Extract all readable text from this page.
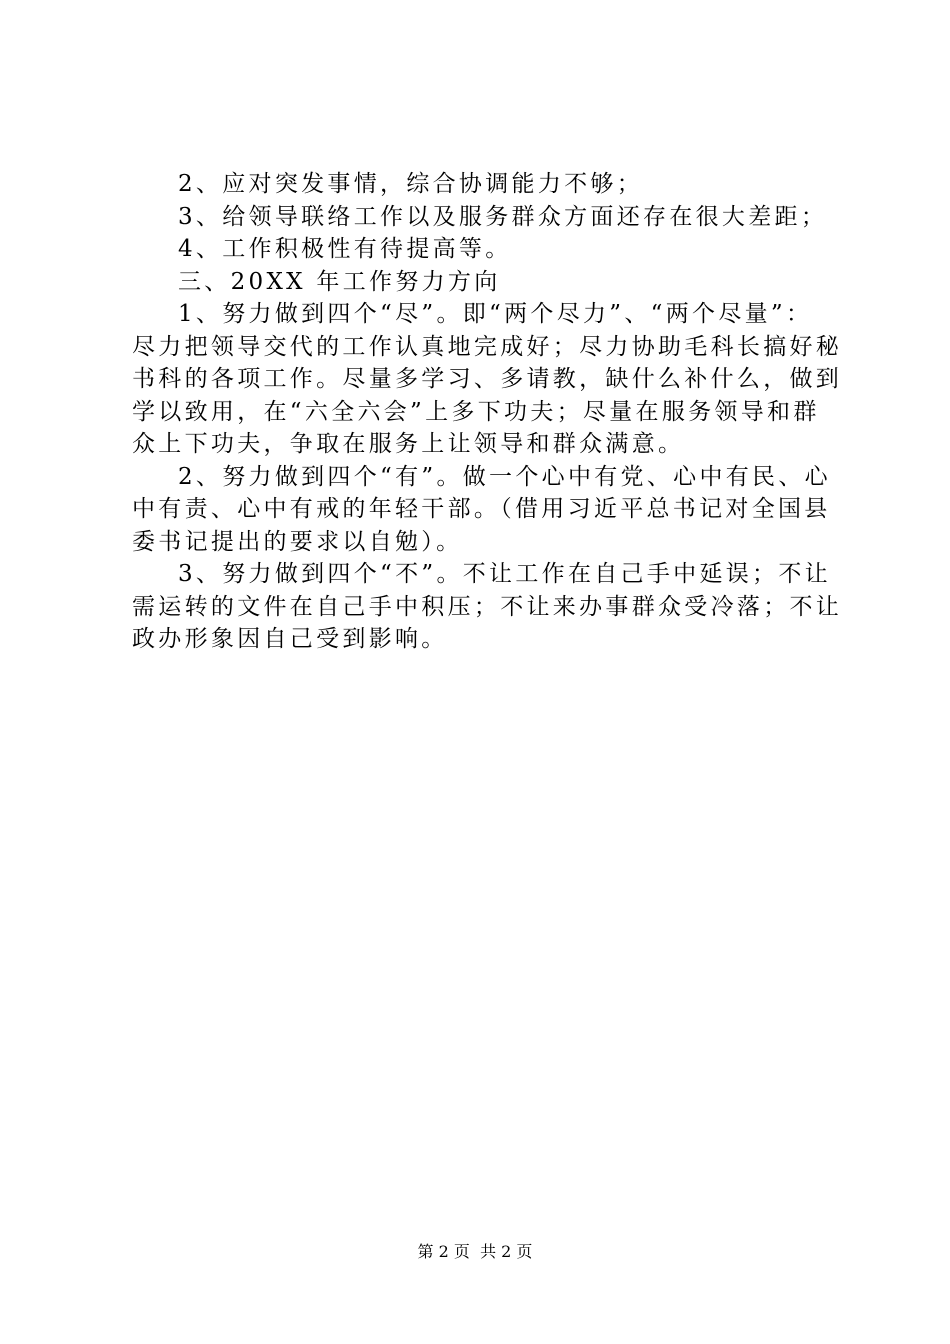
2、应对突发事情，综合协调能力不够；
3、给领导联络工作以及服务群众方面还存在很大差距；
4、工作积极性有待提高等。
三、20XX 年工作努力方向
1、努力做到四个“尽”。即“两个尽力”、“两个尽量”：
尽力把领导交代的工作认真地完成好；尽力协助毛科长搞好秘
书科的各项工作。尽量多学习、多请教，缺什么补什么，做到
学以致用，在“六全六会”上多下功夫；尽量在服务领导和群
众上下功夫，争取在服务上让领导和群众满意。
2、努力做到四个“有”。做一个心中有党、心中有民、心
中有责、心中有戒的年轻干部。（借用习近平总书记对全国县
委书记提出的要求以自勉）。
3、努力做到四个“不”。不让工作在自己手中延误；不让
需运转的文件在自己手中积压；不让来办事群众受冷落；不让
政办形象因自己受到影响。
第 2 页  共 2 页
